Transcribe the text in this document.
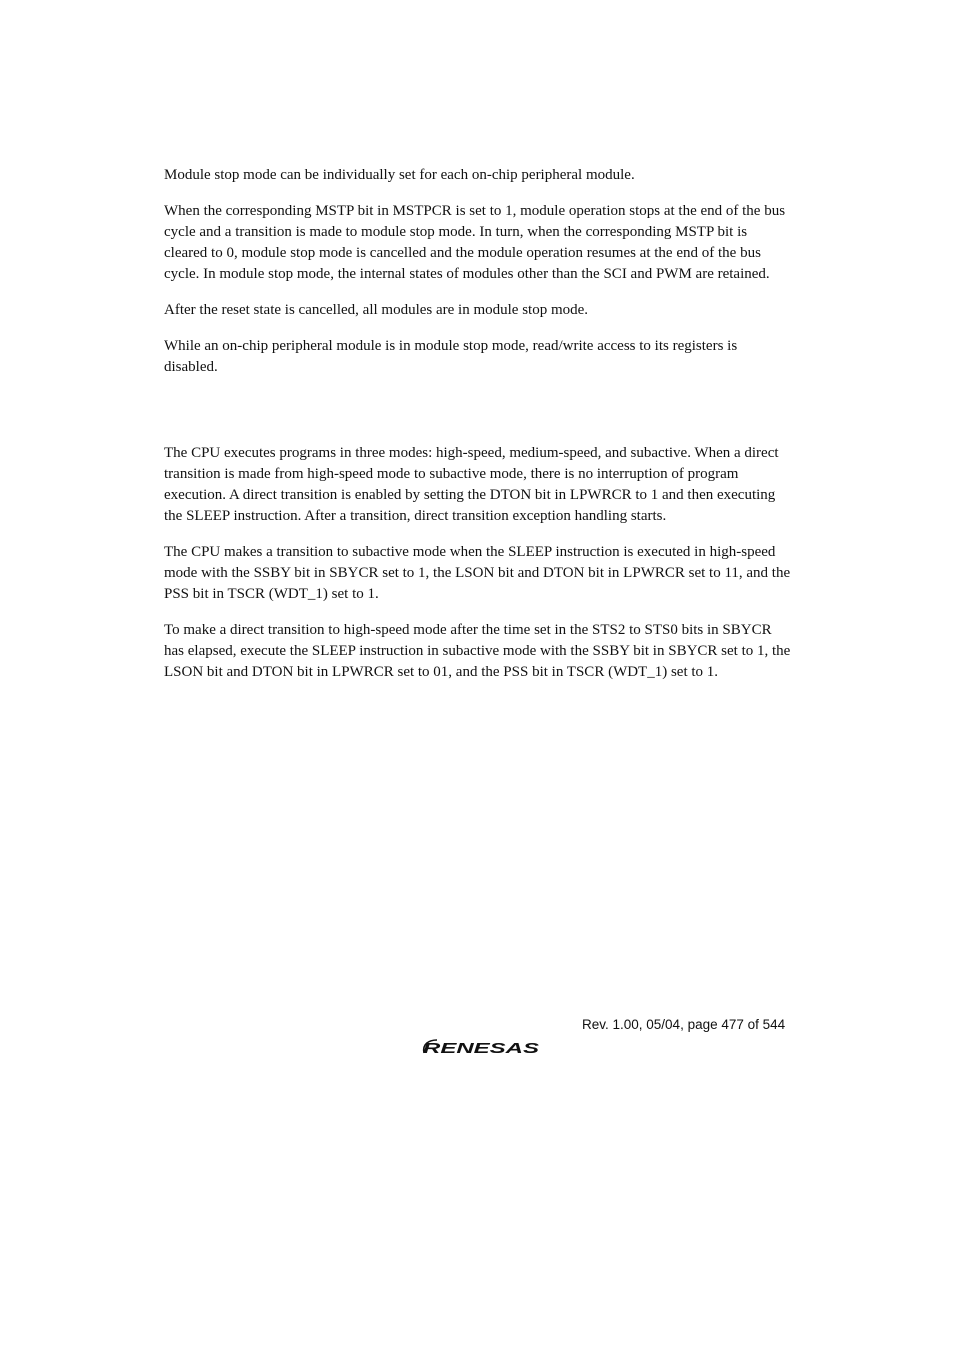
Module stop mode can be individually set for each on-chip peripheral module.

When the corresponding MSTP bit in MSTPCR is set to 1, module operation stops at the end of the bus cycle and a transition is made to module stop mode. In turn, when the corresponding MSTP bit is cleared to 0, module stop mode is cancelled and the module operation resumes at the end of the bus cycle. In module stop mode, the internal states of modules other than the SCI and PWM are retained.

After the reset state is cancelled, all modules are in module stop mode.

While an on-chip peripheral module is in module stop mode, read/write access to its registers is disabled.

The CPU executes programs in three modes: high-speed, medium-speed, and subactive. When a direct transition is made from high-speed mode to subactive mode, there is no interruption of program execution. A direct transition is enabled by setting the DTON bit in LPWRCR to 1 and then executing the SLEEP instruction. After a transition, direct transition exception handling starts.

The CPU makes a transition to subactive mode when the SLEEP instruction is executed in high-speed mode with the SSBY bit in SBYCR set to 1, the LSON bit and DTON bit in LPWRCR set to 11, and the PSS bit in TSCR (WDT_1) set to 1.

To make a direct transition to high-speed mode after the time set in the STS2 to STS0 bits in SBYCR has elapsed, execute the SLEEP instruction in subactive mode with the SSBY bit in SBYCR set to 1, the LSON bit and DTON bit in LPWRCR set to 01, and the PSS bit in TSCR (WDT_1) set to 1.

Rev. 1.00, 05/04, page 477 of 544
RENESAS
